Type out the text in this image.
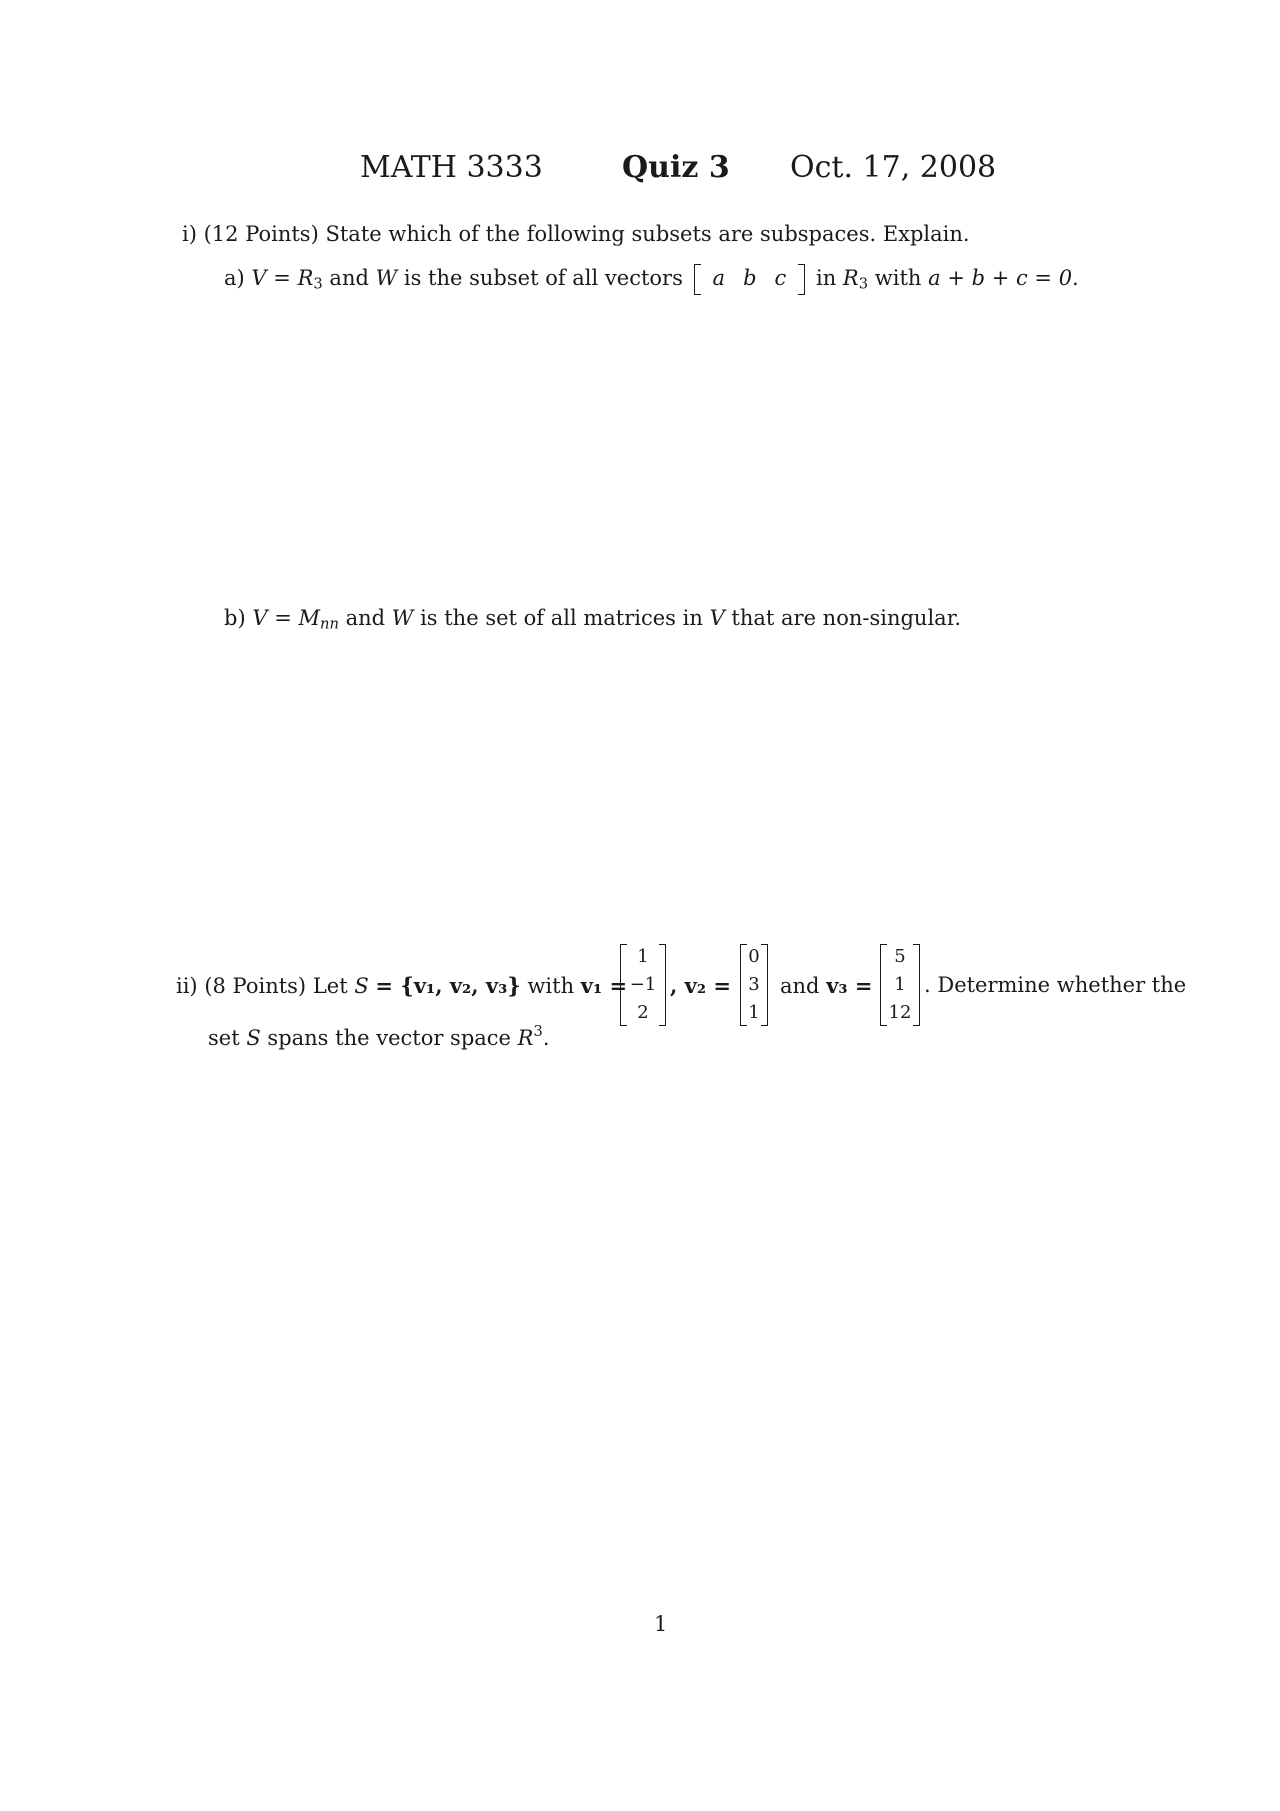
MATH 3333	Quiz 3 Oct. 17, 2008
i) (12 Points) State which of the following subsets are subspaces. Explain.
a) $V = R_3$ and W is the subset of all vectors a b c in $R_3$ with a + b + c = 0.
b) $V = M_{nn}$ and W is the set of all matrices in V that are non-singular.
ii) (8 Points) Let S = {v₁, v₂, v₃} with v₁ =
1
−1
2
, v₂ =
0
3
1
and v₃ =
5
1
12
. Determine whether the
set S spans the vector space $R^3$.
1
